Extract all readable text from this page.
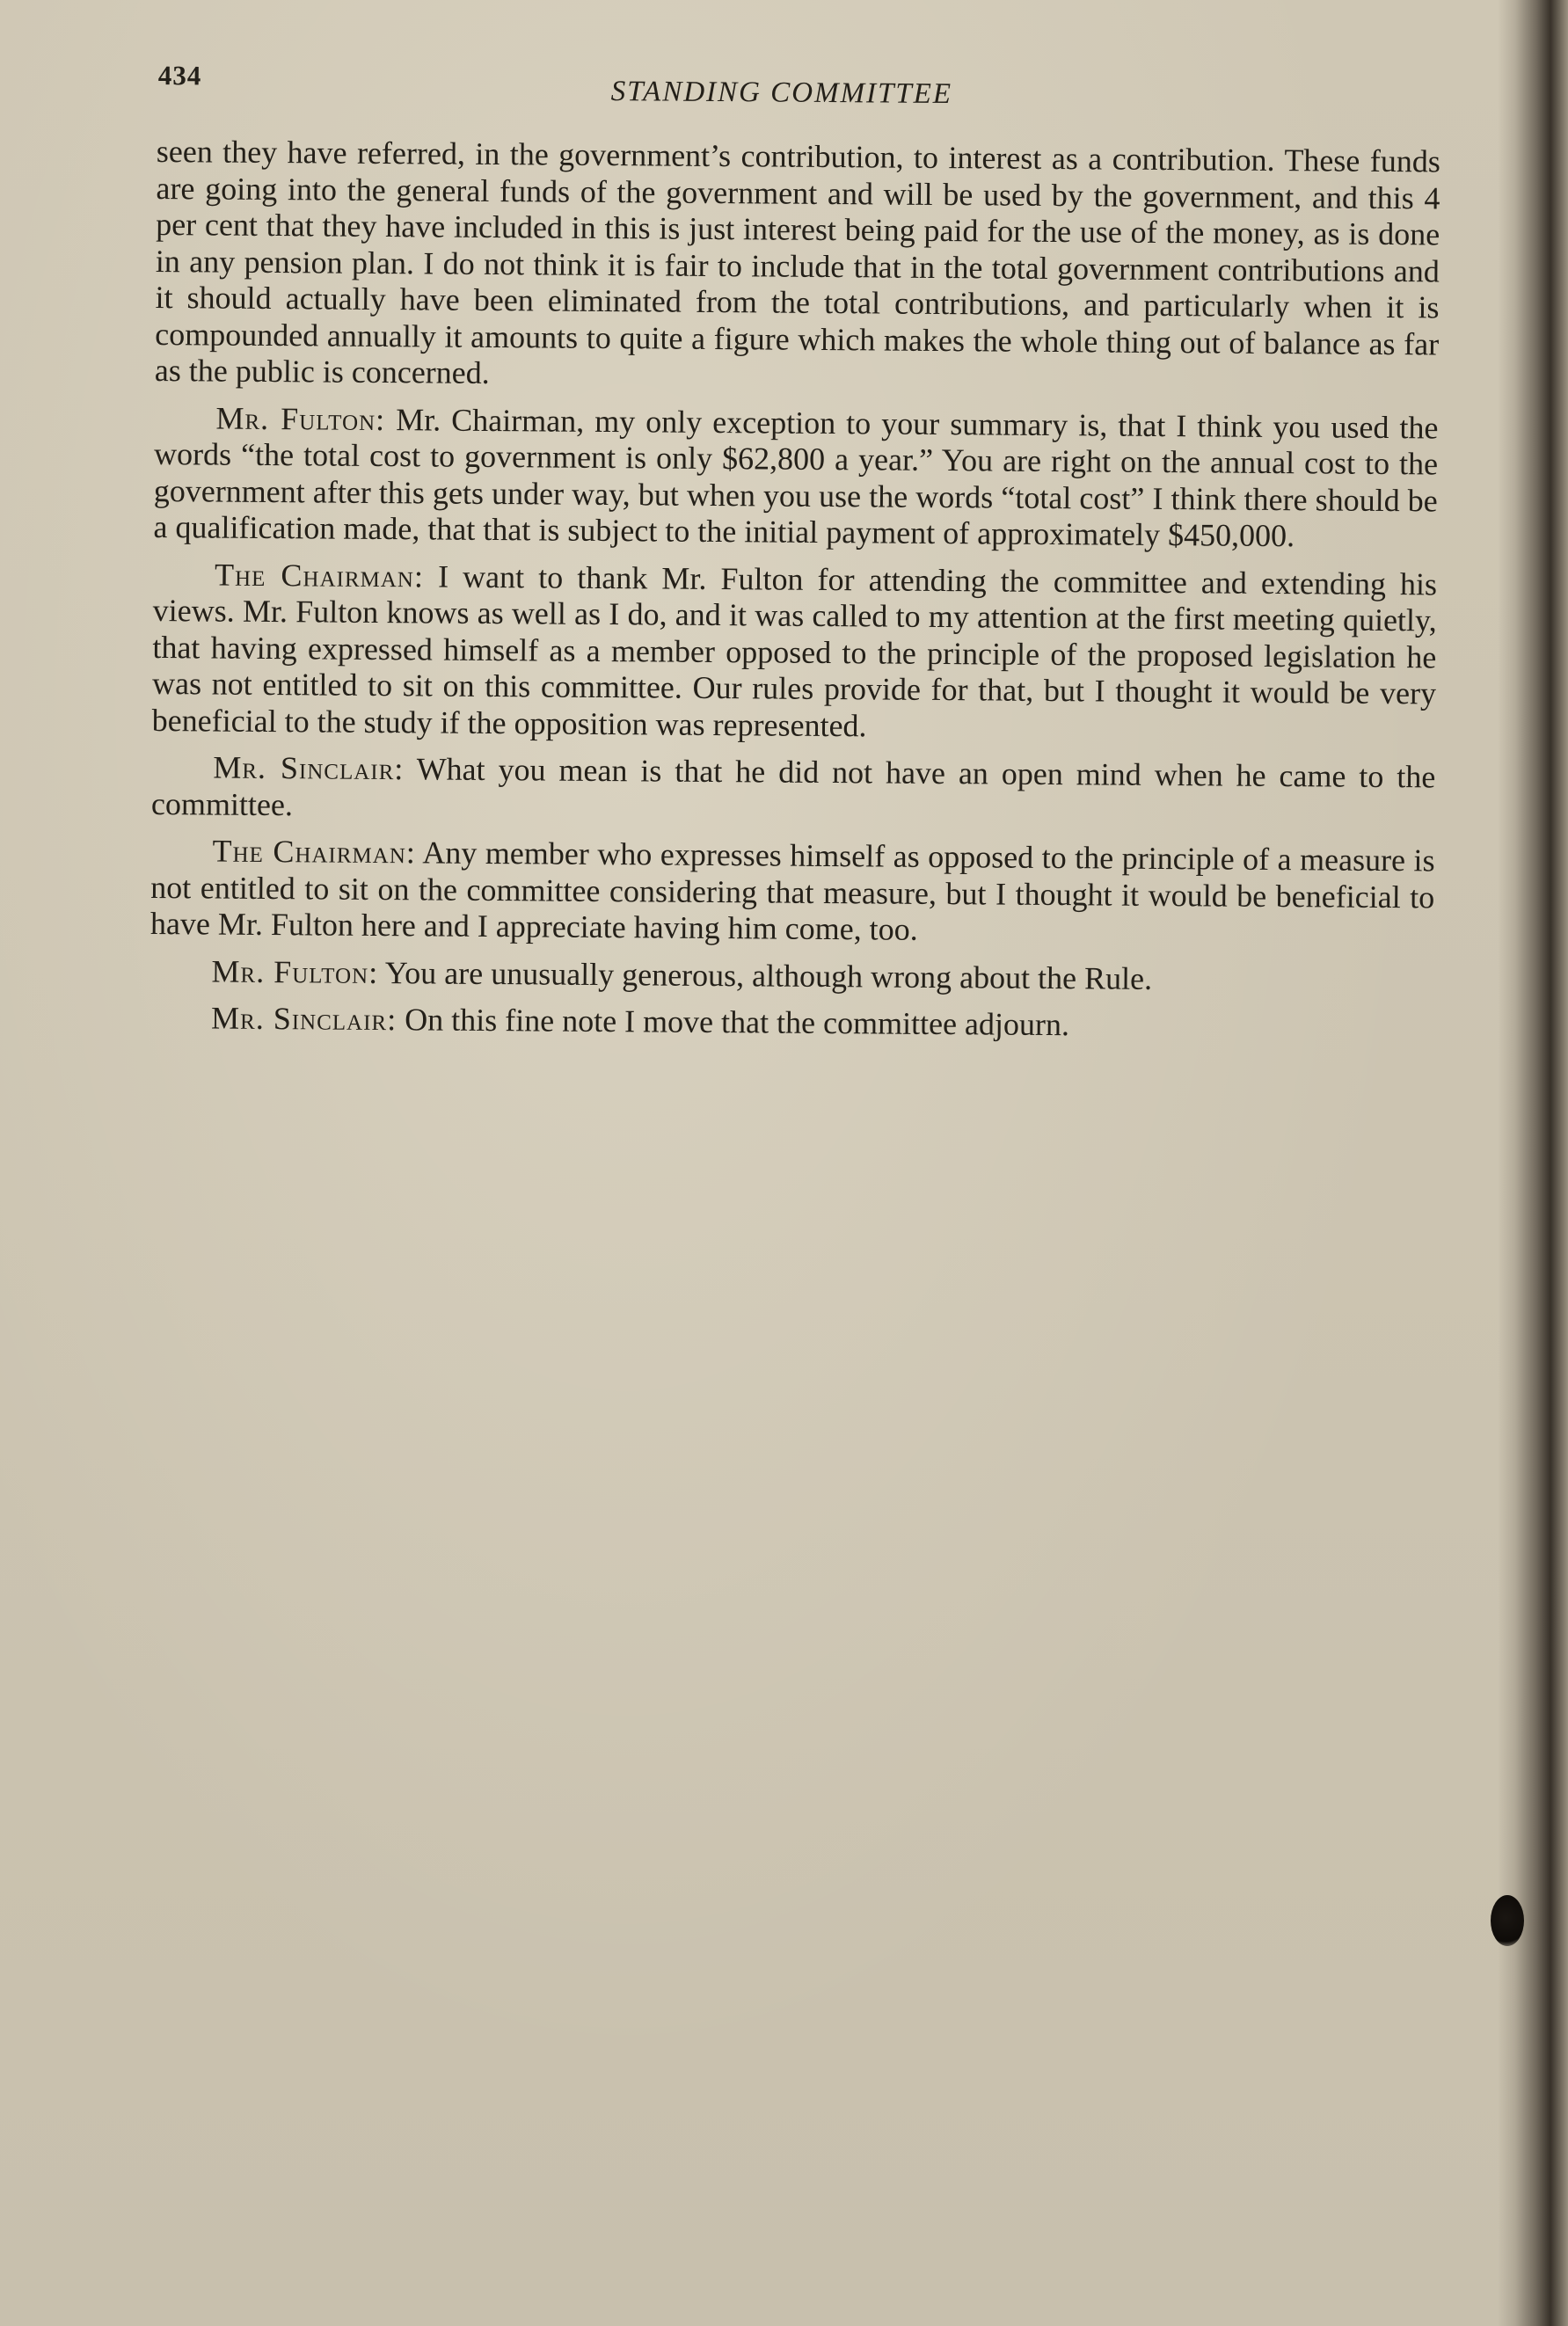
434
STANDING COMMITTEE

seen they have referred, in the government’s contribution, to interest as a contribution. These funds are going into the general funds of the government and will be used by the government, and this 4 per cent that they have included in this is just interest being paid for the use of the money, as is done in any pension plan. I do not think it is fair to include that in the total government contributions and it should actually have been eliminated from the total contributions, and particularly when it is compounded annually it amounts to quite a figure which makes the whole thing out of balance as far as the public is concerned.

Mr. Fulton: Mr. Chairman, my only exception to your summary is, that I think you used the words “the total cost to government is only $62,800 a year.” You are right on the annual cost to the government after this gets under way, but when you use the words “total cost” I think there should be a qualification made, that that is subject to the initial payment of approximately $450,000.

The Chairman: I want to thank Mr. Fulton for attending the committee and extending his views. Mr. Fulton knows as well as I do, and it was called to my attention at the first meeting quietly, that having expressed himself as a member opposed to the principle of the proposed legislation he was not entitled to sit on this committee. Our rules provide for that, but I thought it would be very beneficial to the study if the opposition was represented.

Mr. Sinclair: What you mean is that he did not have an open mind when he came to the committee.

The Chairman: Any member who expresses himself as opposed to the principle of a measure is not entitled to sit on the committee considering that measure, but I thought it would be beneficial to have Mr. Fulton here and I appreciate having him come, too.

Mr. Fulton: You are unusually generous, although wrong about the Rule.

Mr. Sinclair: On this fine note I move that the committee adjourn.
